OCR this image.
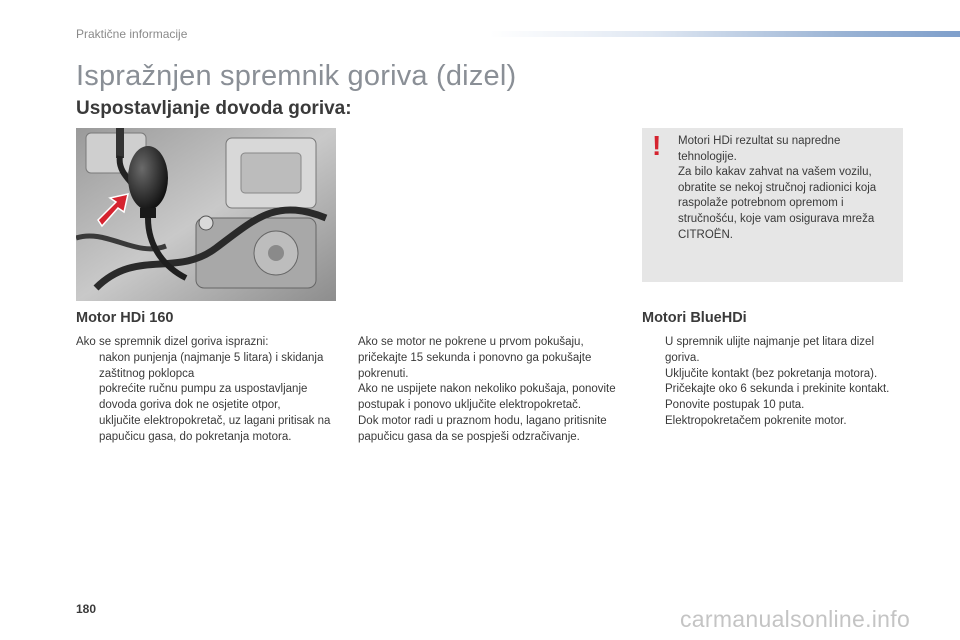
Praktične informacije
Ispražnjen spremnik goriva (dizel)
Uspostavljanje dovoda goriva:
! Motori HDi rezultat su napredne tehnologije.

Za bilo kakav zahvat na vašem vozilu, obratite se nekoj stručnoj radionici koja raspolaže potrebnom opremom i stručnošću, koje vam osigurava mreža CITROËN.

Motor HDi 160	Motori BlueHDi

Ako se spremnik dizel goriva isprazni:

nakon punjenja (najmanje 5 litara) i skidanja zaštitnog poklopca
pokrećite ručnu pumpu za uspostavljanje dovoda goriva dok ne osjetite otpor,
uključite elektropokretač, uz lagani pritisak na papučicu gasa, do pokretanja motora.

Ako se motor ne pokrene u prvom pokušaju, pričekajte 15 sekunda i ponovno ga pokušajte pokrenuti.

Ako ne uspijete nakon nekoliko pokušaja, ponovite postupak i ponovo uključite elektropokretač.

Dok motor radi u praznom hodu, lagano pritisnite papučicu gasa da se pospješi odzračivanje.

U spremnik ulijte najmanje pet litara dizel goriva.
Uključite kontakt (bez pokretanja motora).
Pričekajte oko 6 sekunda i prekinite kontakt.
Ponovite postupak 10 puta.
Elektropokretačem pokrenite motor.
180	carmanualsonline.info
